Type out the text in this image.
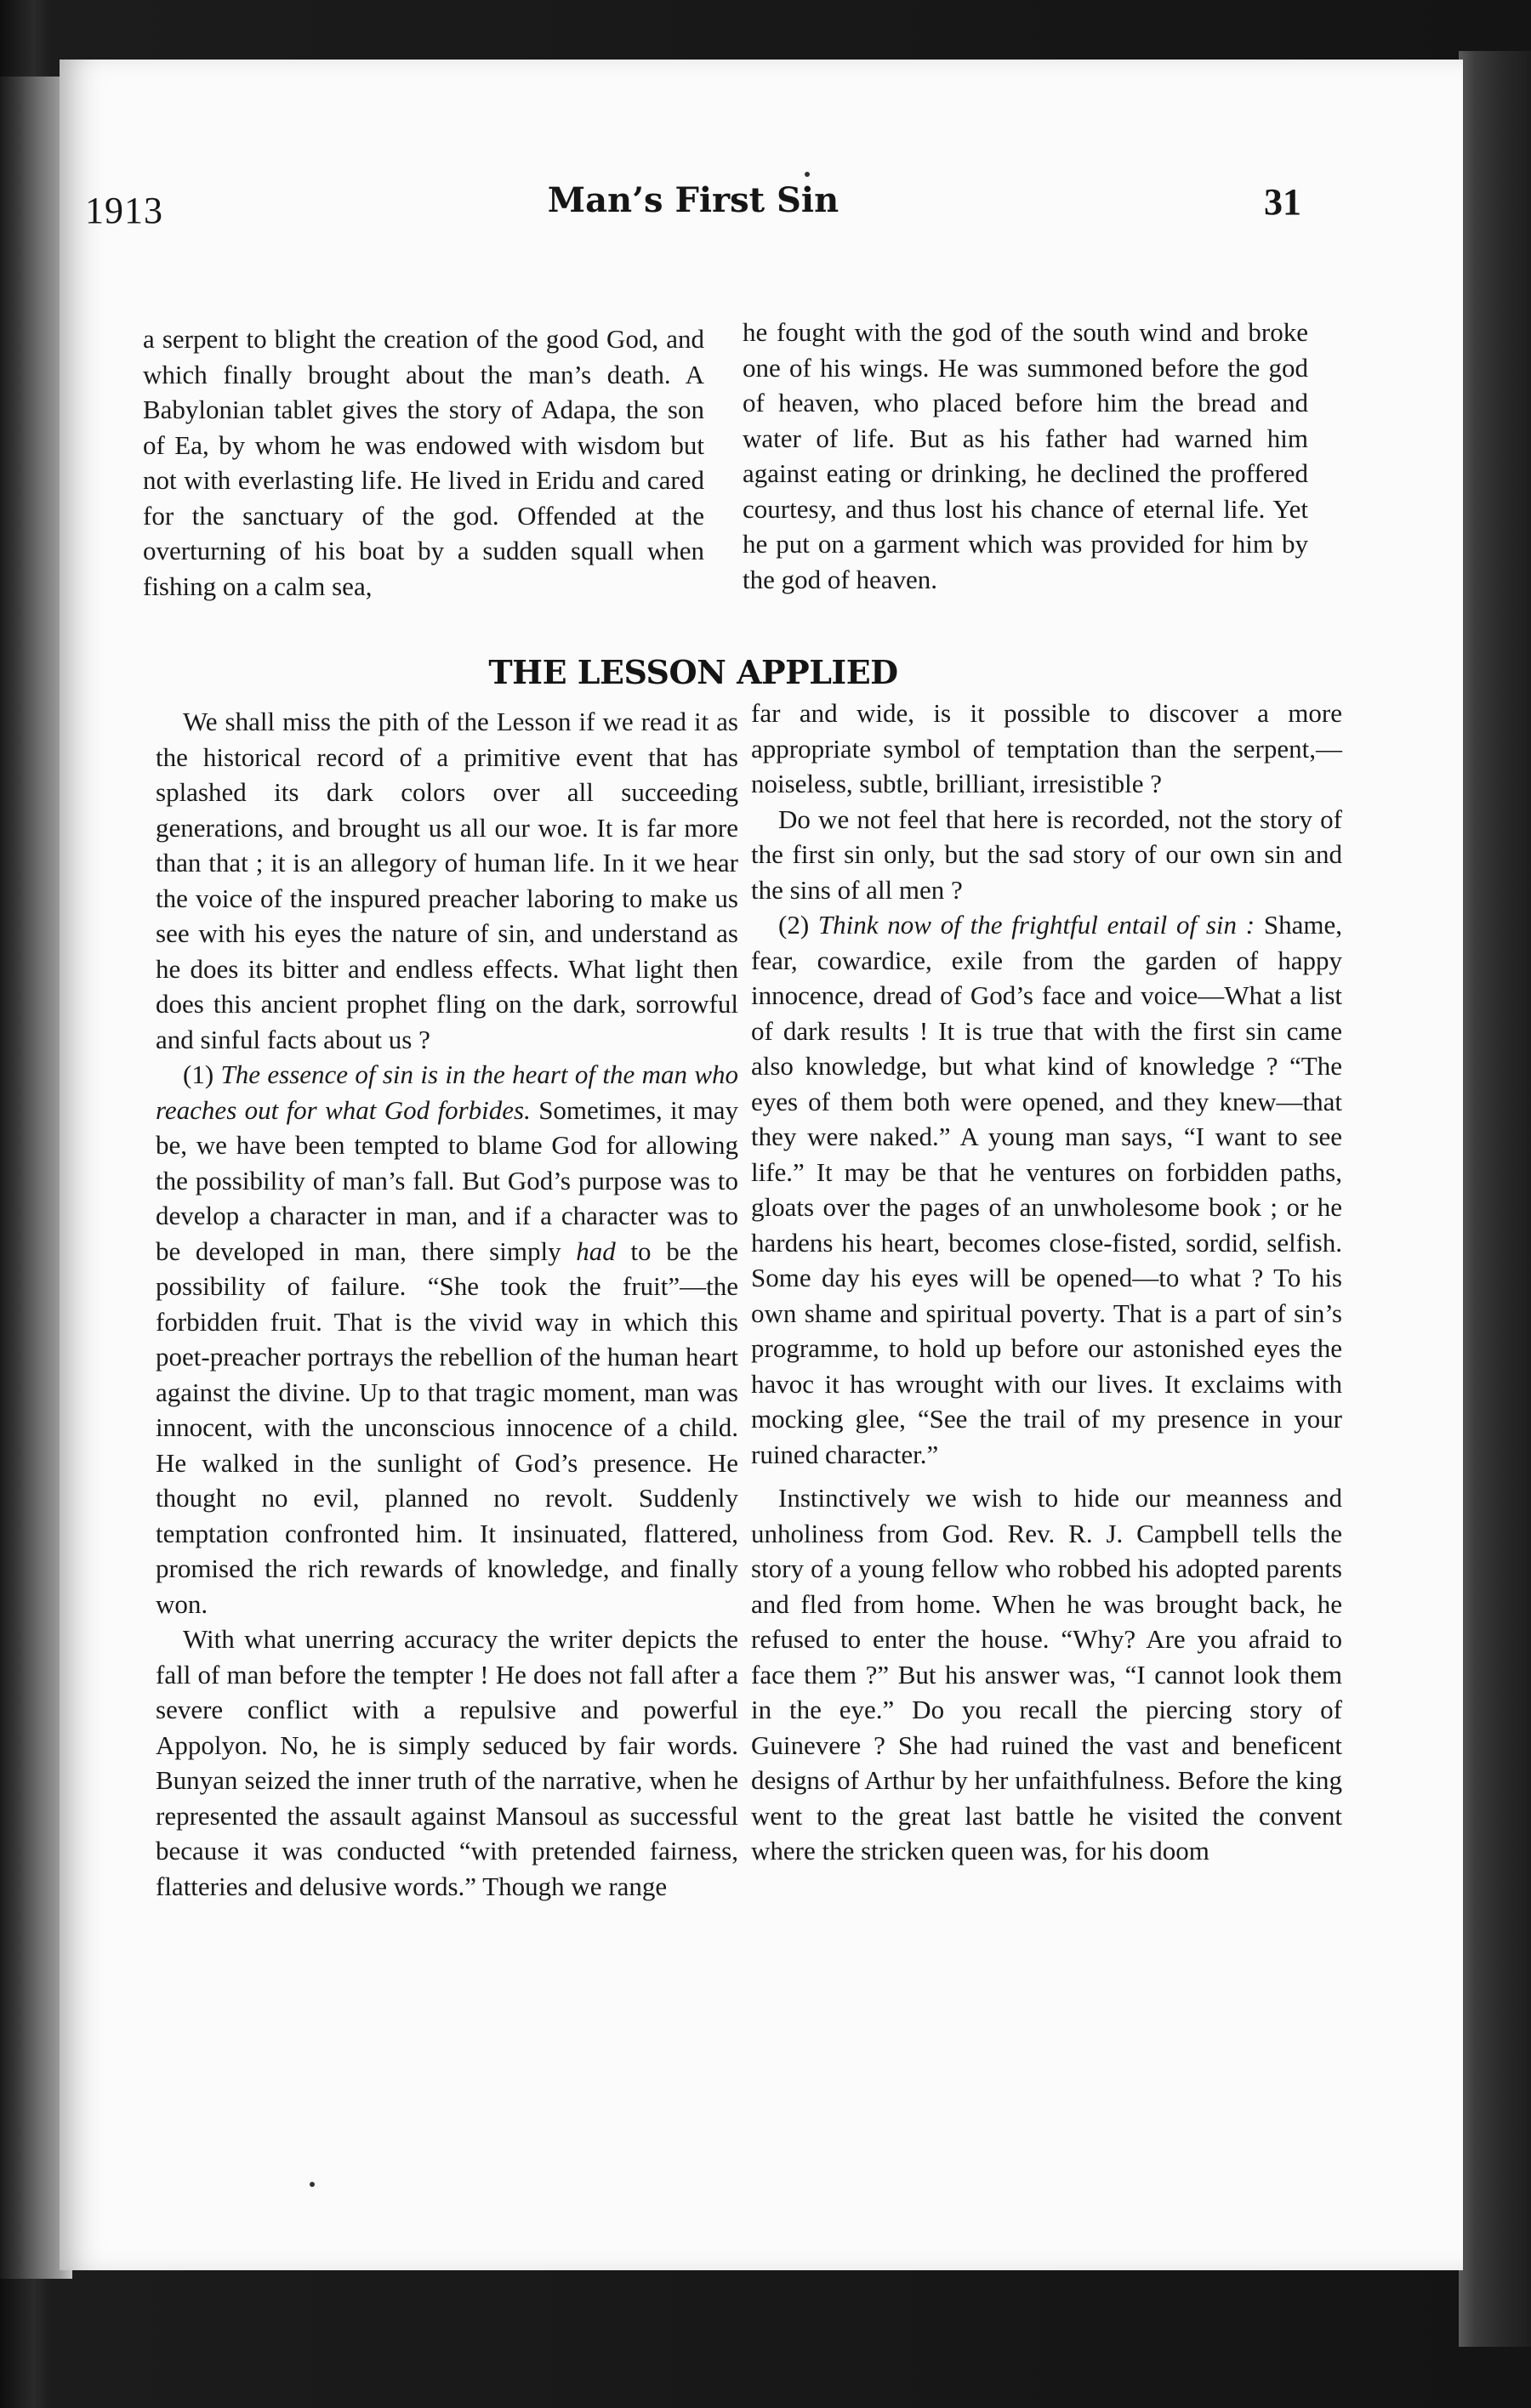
1913	Man’s First Sin	31

a serpent to blight the creation of the good God, and which finally brought about the man’s death. A Babylonian tablet gives the story of Adapa, the son of Ea, by whom he was endowed with wisdom but not with everlasting life. He lived in Eridu and cared for the sanctuary of the god. Offended at the overturning of his boat by a sudden squall when fishing on a calm sea,

he fought with the god of the south wind and broke one of his wings. He was summoned before the god of heaven, who placed before him the bread and water of life. But as his father had warned him against eating or drinking, he declined the proffered courtesy, and thus lost his chance of eternal life. Yet he put on a garment which was provided for him by the god of heaven.

THE LESSON APPLIED

We shall miss the pith of the Lesson if we read it as the historical record of a primitive event that has splashed its dark colors over all succeeding generations, and brought us all our woe. It is far more than that ; it is an allegory of human life. In it we hear the voice of the inspured preacher laboring to make us see with his eyes the nature of sin, and understand as he does its bitter and endless effects. What light then does this ancient prophet fling on the dark, sorrowful and sinful facts about us ?

(1) The essence of sin is in the heart of the man who reaches out for what God forbides. Sometimes, it may be, we have been tempted to blame God for allowing the possibility of man’s fall. But God’s purpose was to develop a character in man, and if a character was to be developed in man, there simply had to be the possibility of failure. “She took the fruit”—the forbidden fruit. That is the vivid way in which this poet-preacher portrays the rebellion of the human heart against the divine. Up to that tragic moment, man was innocent, with the unconscious innocence of a child. He walked in the sunlight of God’s presence. He thought no evil, planned no revolt. Suddenly temptation confronted him. It insinuated, flattered, promised the rich rewards of knowledge, and finally won.

With what unerring accuracy the writer depicts the fall of man before the tempter ! He does not fall after a severe conflict with a repulsive and powerful Appolyon. No, he is simply seduced by fair words. Bunyan seized the inner truth of the narrative, when he represented the assault against Mansoul as successful because it was conducted “with pretended fairness, flatteries and delusive words.” Though we range

far and wide, is it possible to discover a more appropriate symbol of temptation than the serpent,—noiseless, subtle, brilliant, irresistible ?

Do we not feel that here is recorded, not the story of the first sin only, but the sad story of our own sin and the sins of all men ?

(2) Think now of the frightful entail of sin : Shame, fear, cowardice, exile from the garden of happy innocence, dread of God’s face and voice—What a list of dark results ! It is true that with the first sin came also knowledge, but what kind of knowledge ? “The eyes of them both were opened, and they knew—that they were naked.” A young man says, “I want to see life.” It may be that he ventures on forbidden paths, gloats over the pages of an unwholesome book ; or he hardens his heart, becomes close-fisted, sordid, selfish. Some day his eyes will be opened—to what ? To his own shame and spiritual poverty. That is a part of sin’s programme, to hold up before our astonished eyes the havoc it has wrought with our lives. It exclaims with mocking glee, “See the trail of my presence in your ruined character.”

Instinctively we wish to hide our meanness and unholiness from God. Rev. R. J. Campbell tells the story of a young fellow who robbed his adopted parents and fled from home. When he was brought back, he refused to enter the house. “Why? Are you afraid to face them ?” But his answer was, “I cannot look them in the eye.” Do you recall the piercing story of Guinevere ? She had ruined the vast and beneficent designs of Arthur by her unfaithfulness. Before the king went to the great last battle he visited the convent where the stricken queen was, for his doom
